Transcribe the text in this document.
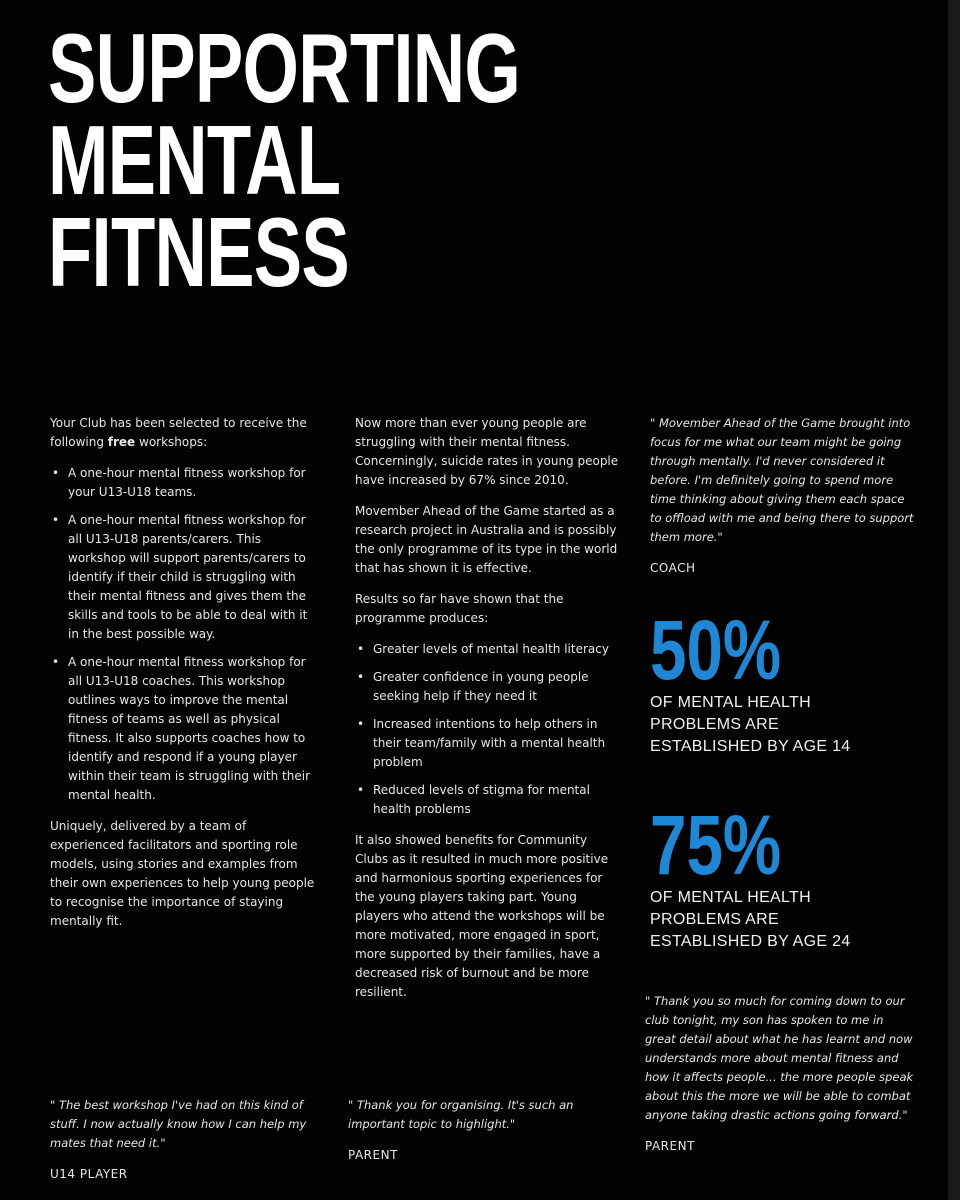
SUPPORTING
MENTAL
FITNESS

Your Club has been selected to receive the following free workshops:

• A one-hour mental fitness workshop for your U13-U18 teams.
• A one-hour mental fitness workshop for all U13-U18 parents/carers. This workshop will support parents/carers to identify if their child is struggling with their mental fitness and gives them the skills and tools to be able to deal with it in the best possible way.
• A one-hour mental fitness workshop for all U13-U18 coaches. This workshop outlines ways to improve the mental fitness of teams as well as physical fitness. It also supports coaches how to identify and respond if a young player within their team is struggling with their mental health.

Uniquely, delivered by a team of experienced facilitators and sporting role models, using stories and examples from their own experiences to help young people to recognise the importance of staying mentally fit.

Now more than ever young people are struggling with their mental fitness. Concerningly, suicide rates in young people have increased by 67% since 2010.

Movember Ahead of the Game started as a research project in Australia and is possibly the only programme of its type in the world that has shown it is effective.

Results so far have shown that the programme produces:

• Greater levels of mental health literacy
• Greater confidence in young people seeking help if they need it
• Increased intentions to help others in their team/family with a mental health problem
• Reduced levels of stigma for mental health problems

It also showed benefits for Community Clubs as it resulted in much more positive and harmonious sporting experiences for the young players taking part. Young players who attend the workshops will be more motivated, more engaged in sport, more supported by their families, have a decreased risk of burnout and be more resilient.

" Movember Ahead of the Game brought into focus for me what our team might be going through mentally. I'd never considered it before. I'm definitely going to spend more time thinking about giving them each space to offload with me and being there to support them more."

COACH
50%

OF MENTAL HEALTH

PROBLEMS ARE

ESTABLISHED BY AGE 14

75%

OF MENTAL HEALTH

PROBLEMS ARE

ESTABLISHED BY AGE 24

" The best workshop I've had on this kind of stuff. I now actually know how I can help my mates that need it."

U14 PLAYER

" Thank you for organising. It's such an important topic to highlight."

PARENT

" Thank you so much for coming down to our club tonight, my son has spoken to me in great detail about what he has learnt and now understands more about mental fitness and how it affects people... the more people speak about this the more we will be able to combat anyone taking drastic actions going forward."

PARENT
